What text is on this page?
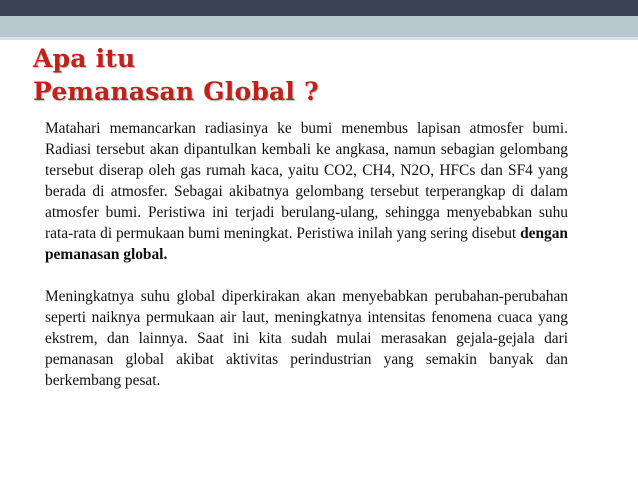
Apa itu
Pemanasan Global ?

Matahari memancarkan radiasinya ke bumi menembus lapisan atmosfer bumi. Radiasi tersebut akan dipantulkan kembali ke angkasa, namun sebagian gelombang tersebut diserap oleh gas rumah kaca, yaitu CO2, CH4, N2O, HFCs dan SF4 yang berada di atmosfer. Sebagai akibatnya gelombang tersebut terperangkap di dalam atmosfer bumi. Peristiwa ini terjadi berulang-ulang, sehingga menyebabkan suhu rata-rata di permukaan bumi meningkat. Peristiwa inilah yang sering disebut dengan pemanasan global.

Meningkatnya suhu global diperkirakan akan menyebabkan perubahan-perubahan seperti naiknya permukaan air laut, meningkatnya intensitas fenomena cuaca yang ekstrem, dan lainnya. Saat ini kita sudah mulai merasakan gejala-gejala dari pemanasan global akibat aktivitas perindustrian yang semakin banyak dan berkembang pesat.
